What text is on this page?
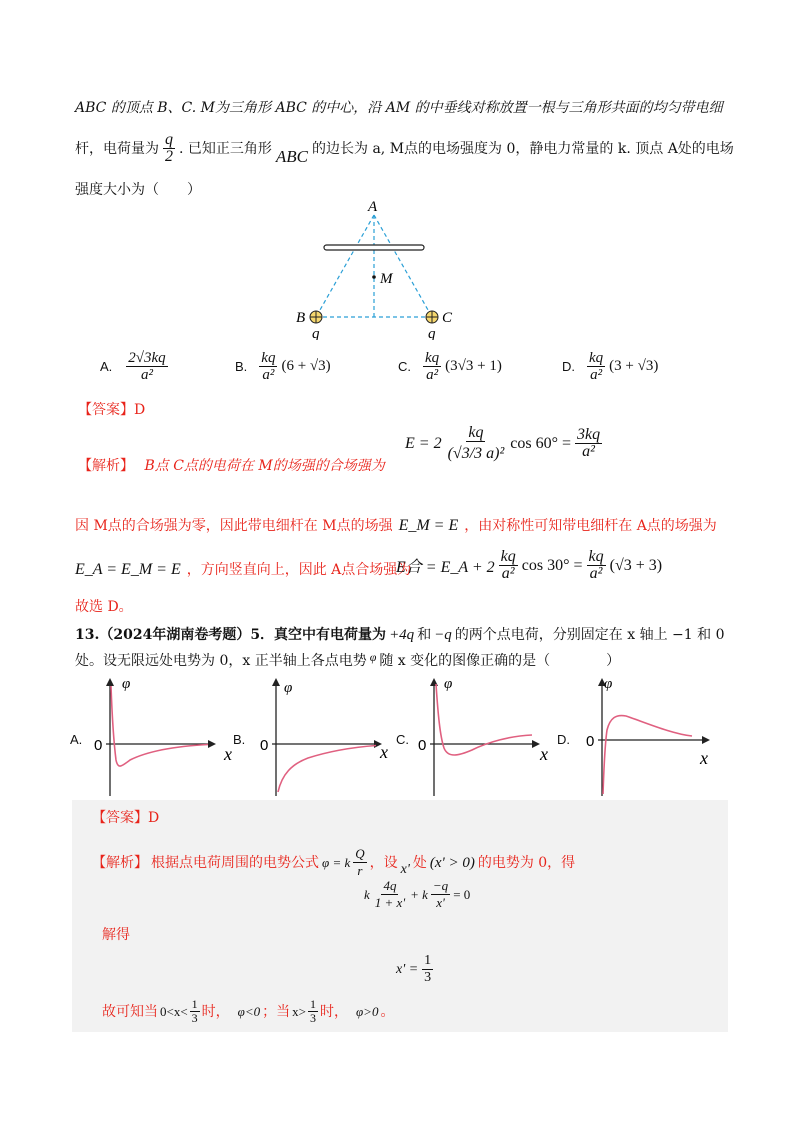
ABC 的顶点 B、C. M为三角形 ABC 的中心，沿 AM 的中垂线对称放置一根与三角形共面的均匀带电细
杆，电荷量为 $\frac{q}{2}$ . 已知正三角形 ABC 的边长为 a, M点的电场强度为 0，静电力常量的 k. 顶点 A处的电场
强度大小为（　　）
A
M
B	C
q	q
A. $\frac{2√3kq}{\text{a²}}$	B. $\frac{kq}{\text{a²}} (6 + √3)$	C. $\frac{kq}{\text{a²}} (3√3 + 1)$	D. $\frac{kq}{\text{a²}} (3 + √3)$
【答案】D
【解析】 B点 C点的电荷在 M的场强的合场强为
$E = 2 \frac{kq}{\text{(√3/3 a)²}}$ $\cos 60^\circ = \frac{3kq}{\text{a²}}$
因 M点的合场强为零，因此带电细杆在 M点的场强 E_M = E ，由对称性可知带电细杆在 A点的场强为
E_A = E_M = E ，方向竖直向上，因此 A点合场强为
E合 = E_A + $2 \frac{kq}{\text{a²}}$ $\cos 30^\circ = \frac{kq}{\text{a²}} (√3 + 3)$
故选 D。
13.（2024年湖南卷考题）5．真空中有电荷量为 +4q 和 −q 的两个点电荷，分别固定在 x 轴上 −1 和 0
处。设无限远处电势为 0，x 正半轴上各点电势 φ 随 x 变化的图像正确的是（　　　　）
A.
φ
0	x
B.
φ
0	x
C.
φ
0	x
D.
φ
0
x
【答案】D
【解析】 根据点电荷周围的电势公式 φ = k $\frac{Q}{r}$ ，设 x' 处 (x' > 0) 的电势为 0，得
k $\frac{4q}{1 + x'} + k \frac{-q}{x'} = 0$
解得
$x' = \frac{1}{3}$
故可知当 $0<x< \frac{1}{3}$ 时， φ<0 ；当 $x> \frac{1}{3}$ 时， φ>0 。
